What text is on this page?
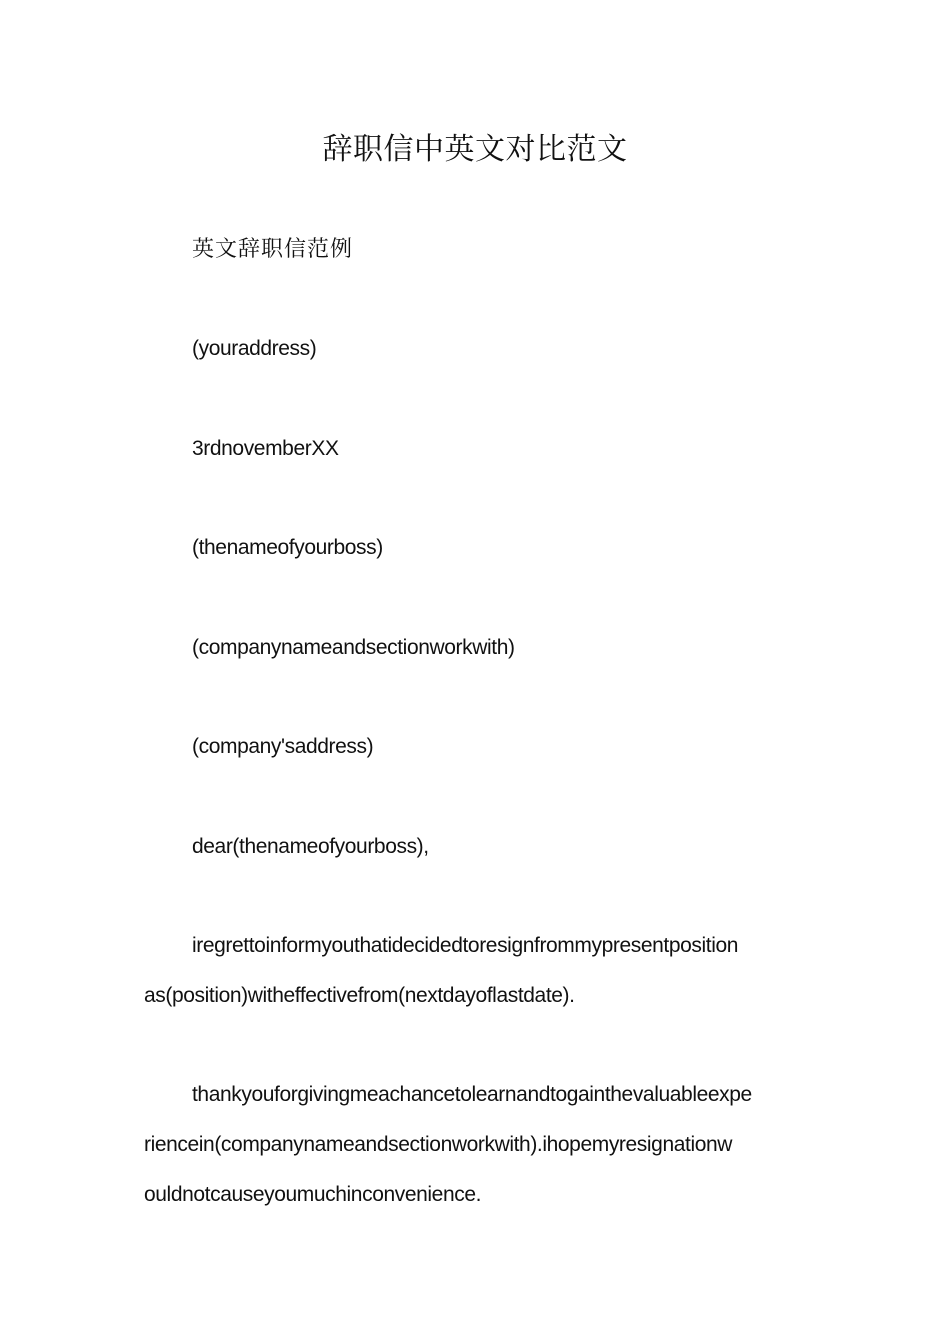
辞职信中英文对比范文
英文辞职信范例
(youraddress)
3rdnovemberXX
(thenameofyourboss)
(companynameandsectionworkwith)
(company'saddress)
dear(thenameofyourboss),
iregrettoinformyouthatidecidedtoresignfrommypresentposition
as(position)witheffectivefrom(nextdayoflastdate).
thankyouforgivingmeachancetolearnandtogainthevaluableexpe
riencein(companynameandsectionworkwith).ihopemyresignationw
ouldnotcauseyoumuchinconvenience.
